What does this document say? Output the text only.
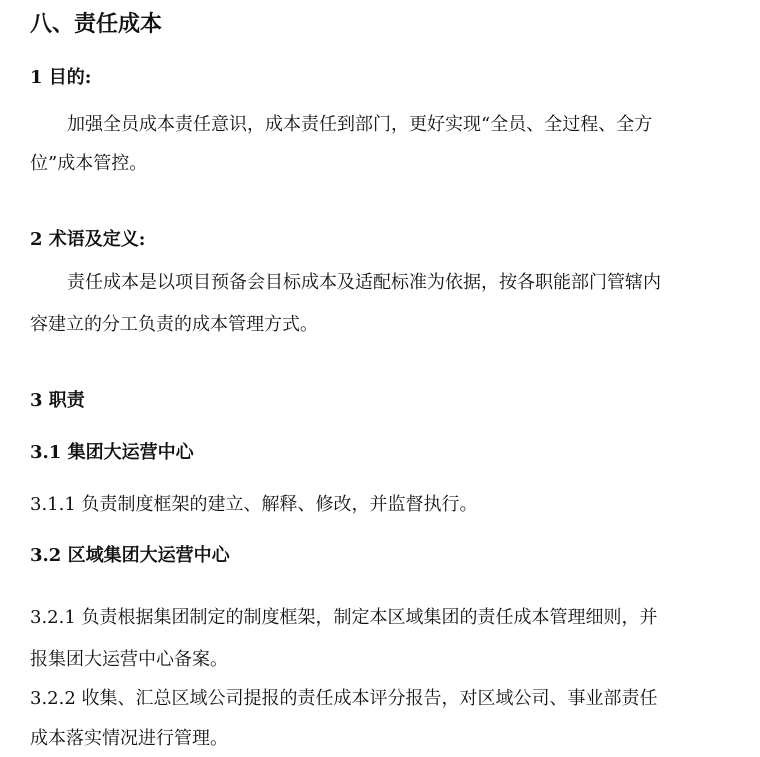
八、责任成本
1 目的:
加强全员成本责任意识，成本责任到部门，更好实现“全员、全过程、全方
位”成本管控。
2 术语及定义:
责任成本是以项目预备会目标成本及适配标准为依据，按各职能部门管辖内
容建立的分工负责的成本管理方式。
3 职责
3.1 集团大运营中心
3.1.1 负责制度框架的建立、解释、修改，并监督执行。
3.2 区域集团大运营中心
3.2.1 负责根据集团制定的制度框架，制定本区域集团的责任成本管理细则，并
报集团大运营中心备案。
3.2.2 收集、汇总区域公司提报的责任成本评分报告，对区域公司、事业部责任
成本落实情况进行管理。
